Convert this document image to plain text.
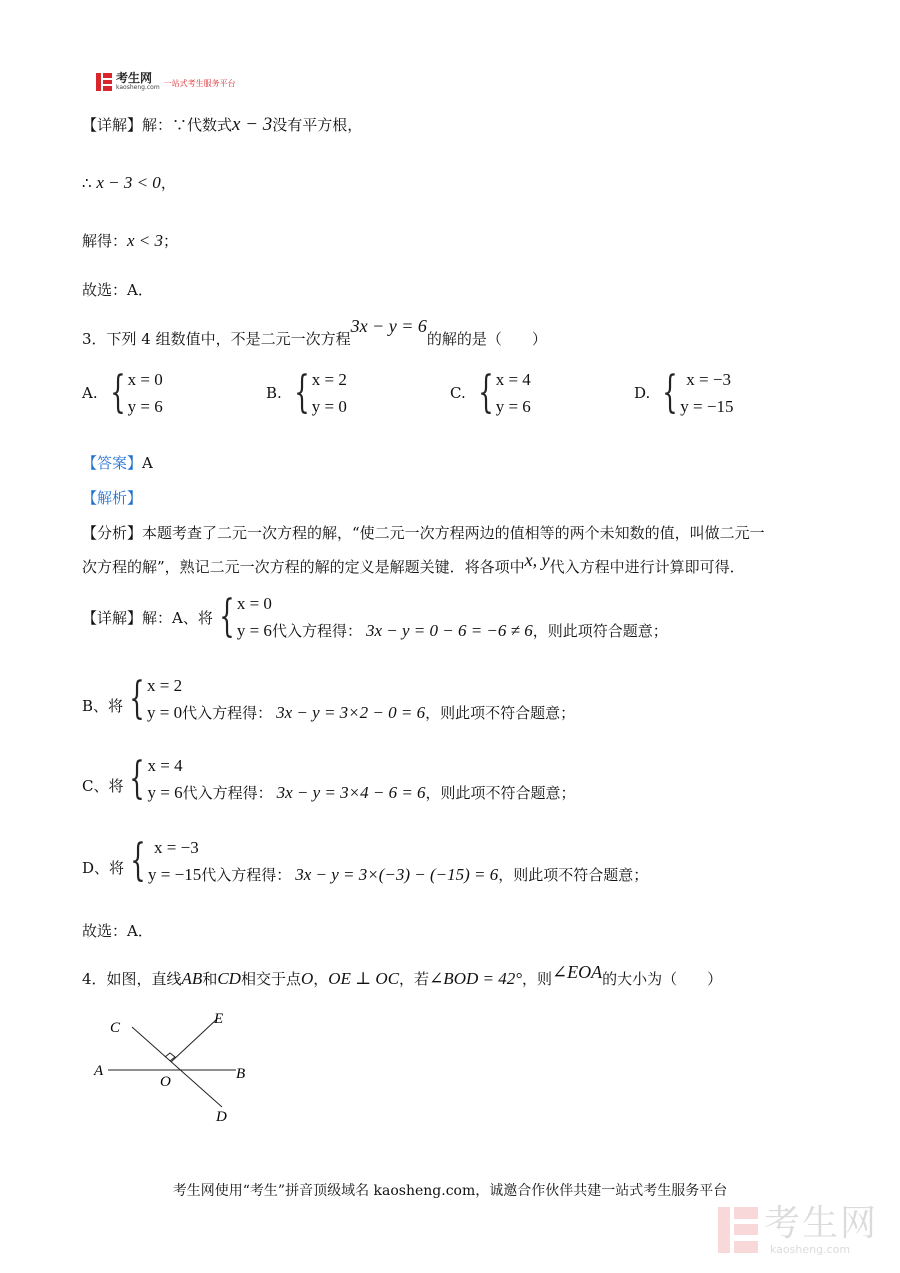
考生网
kaosheng.com 一站式考生服务平台
【详解】解：∵代数式x − 3没有平方根，
∴ x − 3 < 0，
解得：x < 3；
故选：A．
3．下列 4 组数值中，不是二元一次方程3x − y = 6的解的是（　　）
A. { x = 0
y = 6
B. { x = 2
y = 0
C. { x = 4
y = 6
D. { x = −3
y = −15
【答案】A
【解析】
【分析】本题考查了二元一次方程的解，“使二元一次方程两边的值相等的两个未知数的值，叫做二元一
次方程的解”，熟记二元一次方程的解的定义是解题关键．将各项中x, y代入方程中进行计算即可得．
【详解】解：A、将 { x = 0
y = 6 代入方程得： 3x − y = 0 − 6 = −6 ≠ 6 ，则此项符合题意；
B、将 { x = 2
y = 0 代入方程得： 3x − y = 3×2 − 0 = 6 ，则此项不符合题意；
C、将 { x = 4
y = 6 代入方程得： 3x − y = 3×4 − 6 = 6 ，则此项不符合题意；
D、将 { x = −3
y = −15 代入方程得： 3x − y = 3×(−3) − (−15) = 6 ，则此项不符合题意；
故选：A．
4．如图，直线AB和CD相交于点O，OE ⊥ OC，若∠BOD = 42°，则∠EOA的大小为（　　）
C
E
A
O	B
D
考生网使用“考生”拼音顶级域名 kaosheng.com，诚邀合作伙伴共建一站式考生服务平台
考生网
kaosheng.com
